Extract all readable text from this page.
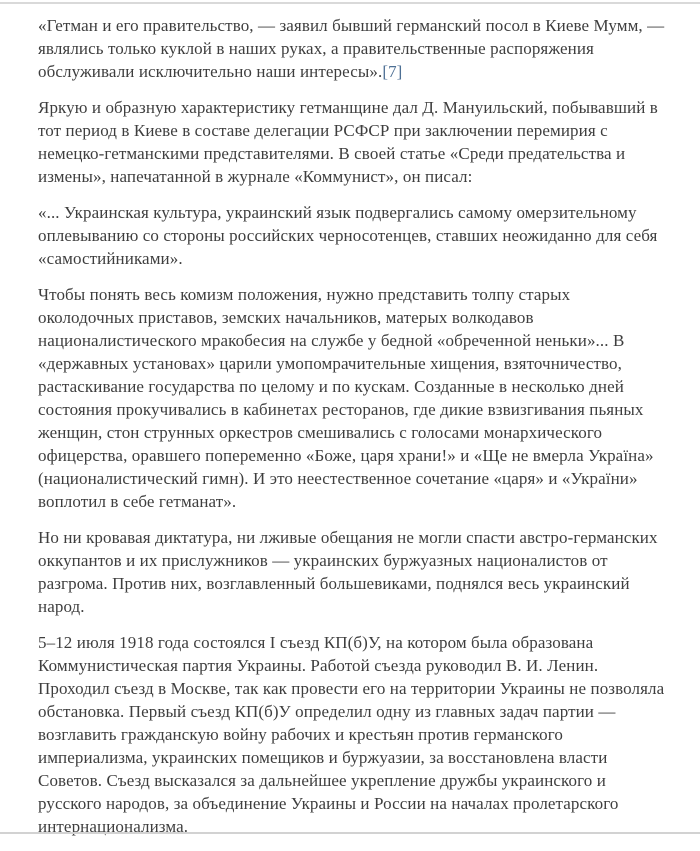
«Гетман и его правительство, — заявил бывший германский посол в Киеве Мумм, — являлись только куклой в наших руках, а правительственные распоряжения обслуживали исключительно наши интересы».[7]

Яркую и образную характеристику гетманщине дал Д. Мануильский, побывавший в тот период в Киеве в составе делегации РСФСР при заключении перемирия с немецко-гетманскими представителями. В своей статье «Среди предательства и измены», напечатанной в журнале «Коммунист», он писал:

«... Украинская культура, украинский язык подвергались самому омерзительному оплевыванию со стороны российских черносотенцев, ставших неожиданно для себя «самостийниками».

Чтобы понять весь комизм положения, нужно представить толпу старых околодочных приставов, земских начальников, матерых волкодавов националистического мракобесия на службе у бедной «обреченной неньки»... В «державных установах» царили умопомрачительные хищения, взяточничество, растаскивание государства по целому и по кускам. Созданные в несколько дней состояния прокучивались в кабинетах ресторанов, где дикие взвизгивания пьяных женщин, стон струнных оркестров смешивались с голосами монархического офицерства, оравшего попеременно «Боже, царя храни!» и «Ще не вмерла Україна» (националистический гимн). И это неестественное сочетание «царя» и «України» воплотил в себе гетманат».

Но ни кровавая диктатура, ни лживые обещания не могли спасти австро-германских оккупантов и их прислужников — украинских буржуазных националистов от разгрома. Против них, возглавленный большевиками, поднялся весь украинский народ.

5–12 июля 1918 года состоялся I съезд КП(б)У, на котором была образована Коммунистическая партия Украины. Работой съезда руководил В. И. Ленин. Проходил съезд в Москве, так как провести его на территории Украины не позволяла обстановка. Первый съезд КП(б)У определил одну из главных задач партии — возглавить гражданскую войну рабочих и крестьян против германского империализма, украинских помещиков и буржуазии, за восстановлена власти Советов. Съезд высказался за дальнейшее укрепление дружбы украинского и русского народов, за объединение Украины и России на началах пролетарского интернационализма.
